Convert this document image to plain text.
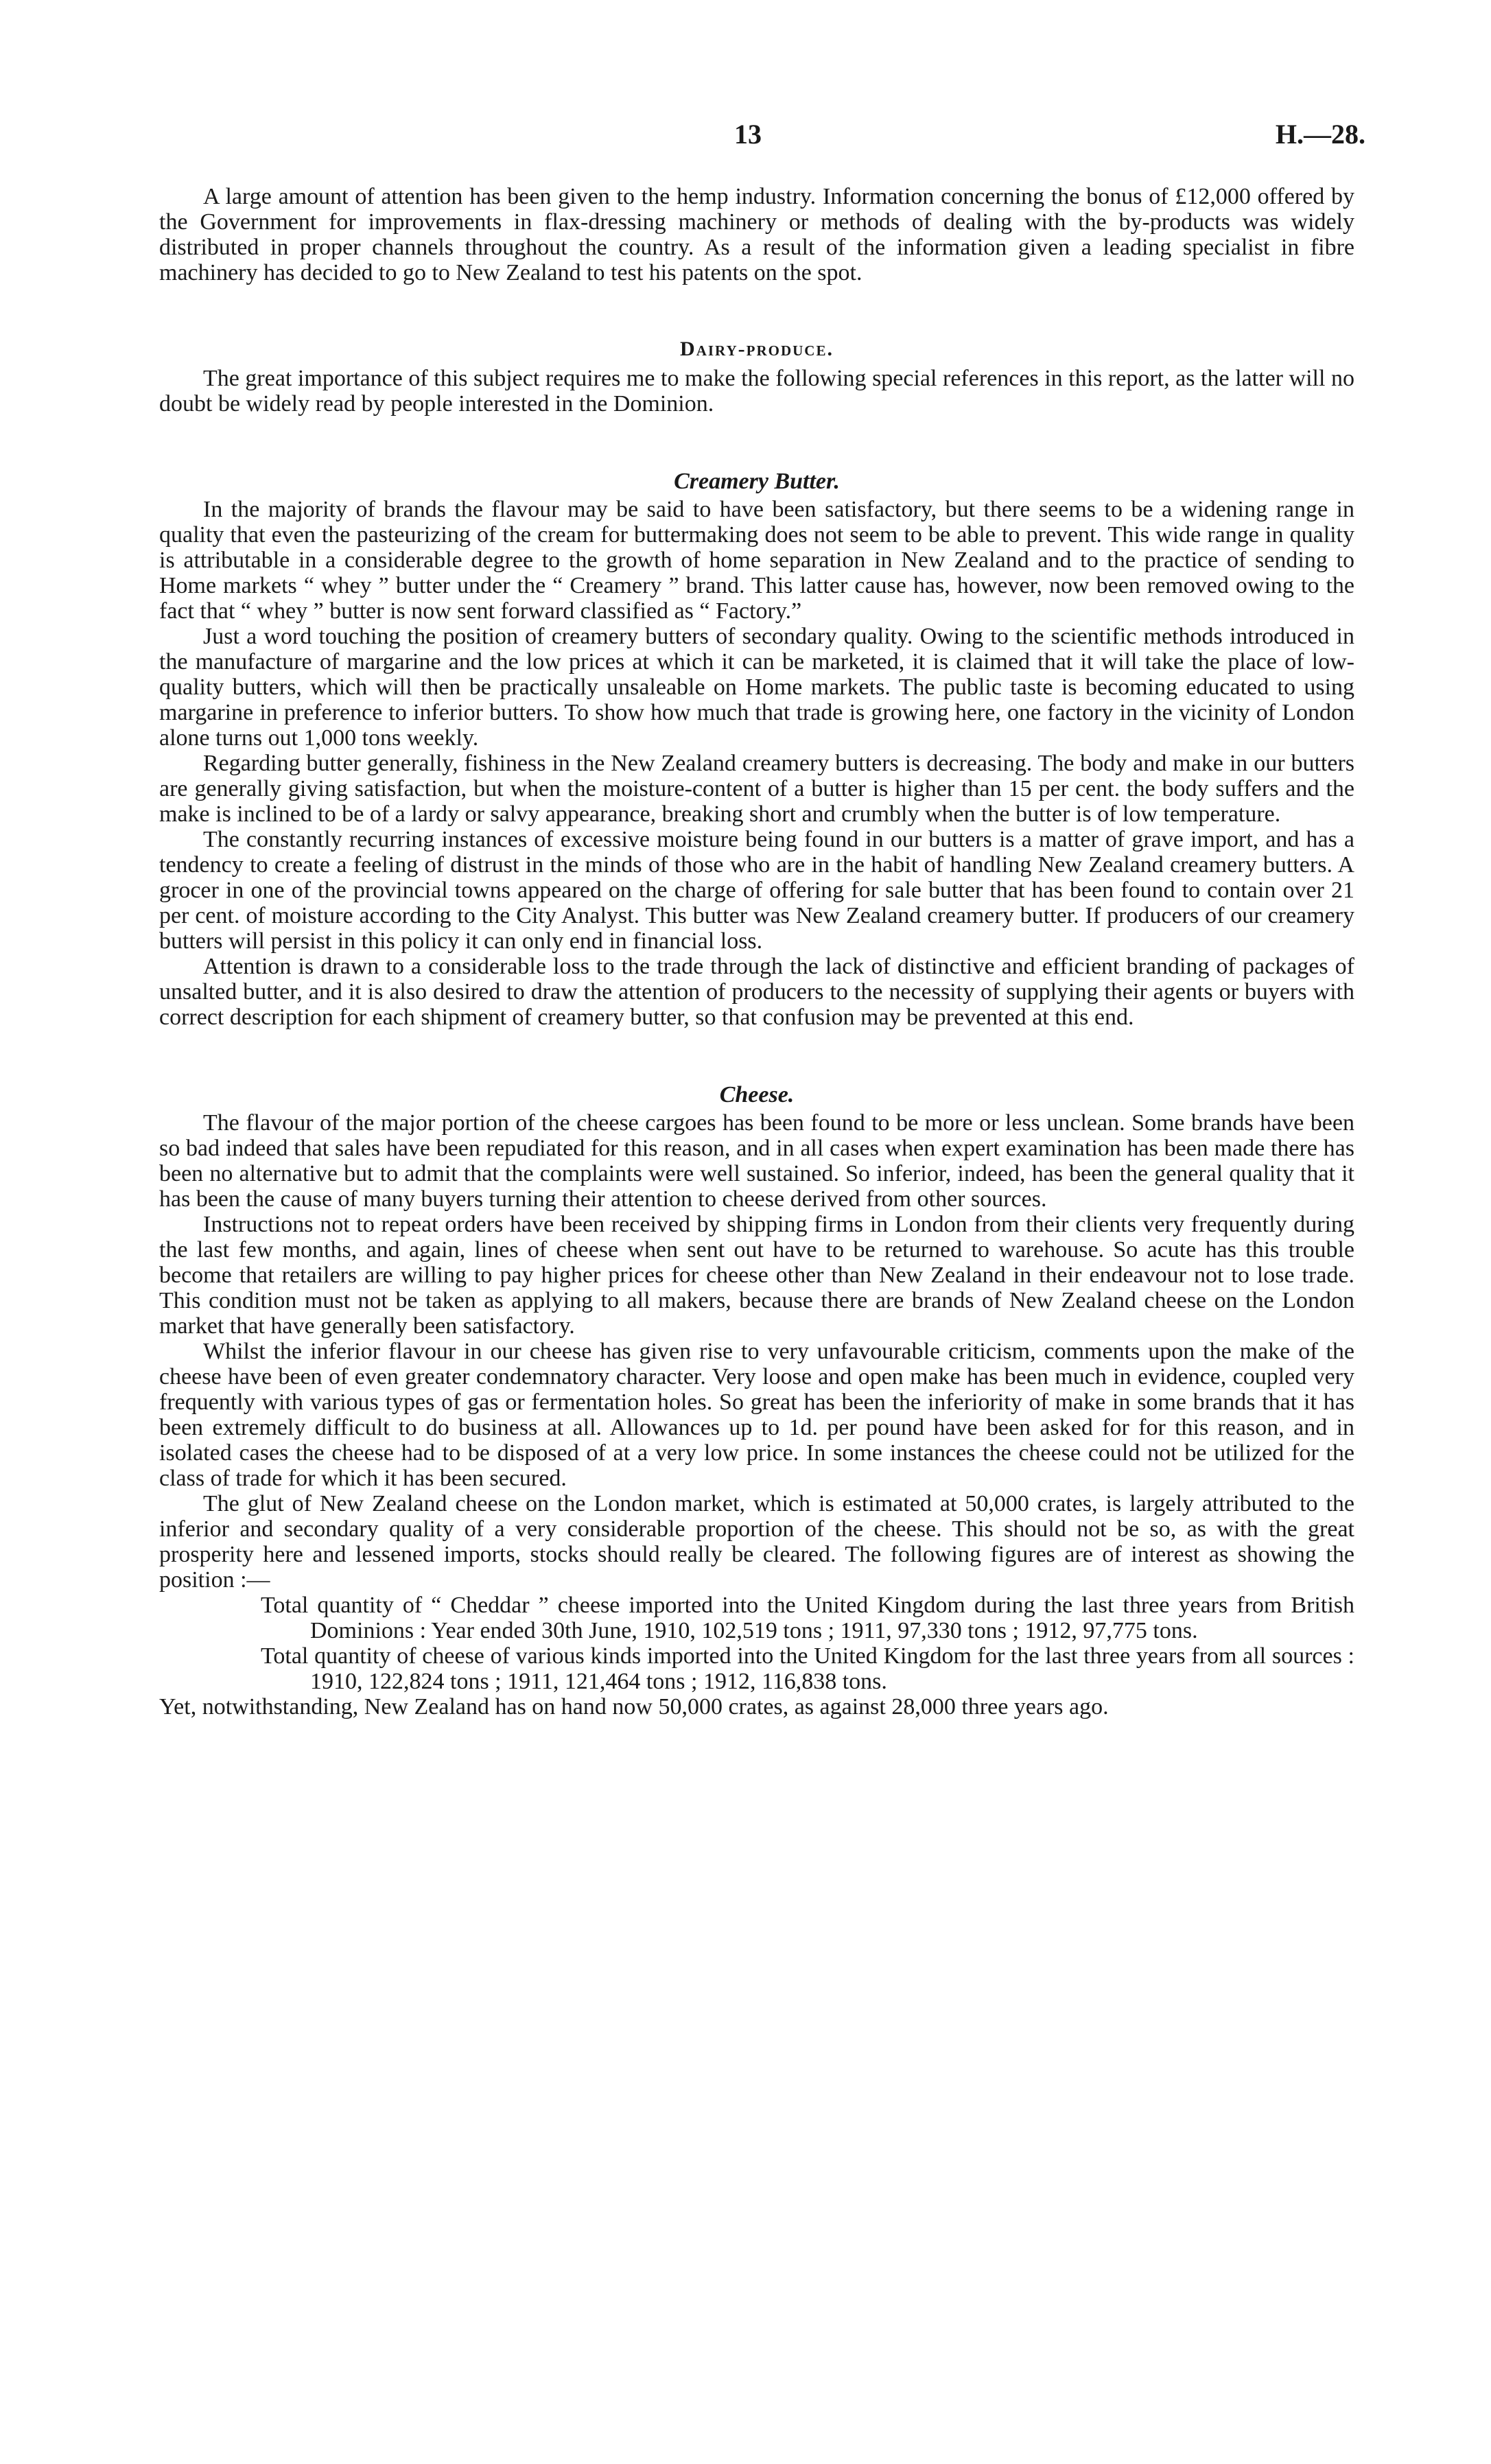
13	H.—28.

A large amount of attention has been given to the hemp industry. Information concerning the bonus of £12,000 offered by the Government for improvements in flax-dressing machinery or methods of dealing with the by-products was widely distributed in proper channels throughout the country. As a result of the information given a leading specialist in fibre machinery has decided to go to New Zealand to test his patents on the spot.

Dairy-produce.

The great importance of this subject requires me to make the following special references in this report, as the latter will no doubt be widely read by people interested in the Dominion.

Creamery Butter.

In the majority of brands the flavour may be said to have been satisfactory, but there seems to be a widening range in quality that even the pasteurizing of the cream for buttermaking does not seem to be able to prevent. This wide range in quality is attributable in a considerable degree to the growth of home separation in New Zealand and to the practice of sending to Home markets “ whey ” butter under the “ Creamery ” brand. This latter cause has, however, now been removed owing to the fact that “ whey ” butter is now sent forward classified as “ Factory.”

Just a word touching the position of creamery butters of secondary quality. Owing to the scientific methods introduced in the manufacture of margarine and the low prices at which it can be marketed, it is claimed that it will take the place of low-quality butters, which will then be practically unsaleable on Home markets. The public taste is becoming educated to using margarine in preference to inferior butters. To show how much that trade is growing here, one factory in the vicinity of London alone turns out 1,000 tons weekly.

Regarding butter generally, fishiness in the New Zealand creamery butters is decreasing. The body and make in our butters are generally giving satisfaction, but when the moisture-content of a butter is higher than 15 per cent. the body suffers and the make is inclined to be of a lardy or salvy appearance, breaking short and crumbly when the butter is of low temperature.

The constantly recurring instances of excessive moisture being found in our butters is a matter of grave import, and has a tendency to create a feeling of distrust in the minds of those who are in the habit of handling New Zealand creamery butters. A grocer in one of the provincial towns appeared on the charge of offering for sale butter that has been found to contain over 21 per cent. of moisture according to the City Analyst. This butter was New Zealand creamery butter. If producers of our creamery butters will persist in this policy it can only end in financial loss.

Attention is drawn to a considerable loss to the trade through the lack of distinctive and efficient branding of packages of unsalted butter, and it is also desired to draw the attention of producers to the necessity of supplying their agents or buyers with correct description for each shipment of creamery butter, so that confusion may be prevented at this end.

Cheese.

The flavour of the major portion of the cheese cargoes has been found to be more or less unclean. Some brands have been so bad indeed that sales have been repudiated for this reason, and in all cases when expert examination has been made there has been no alternative but to admit that the complaints were well sustained. So inferior, indeed, has been the general quality that it has been the cause of many buyers turning their attention to cheese derived from other sources.

Instructions not to repeat orders have been received by shipping firms in London from their clients very frequently during the last few months, and again, lines of cheese when sent out have to be returned to warehouse. So acute has this trouble become that retailers are willing to pay higher prices for cheese other than New Zealand in their endeavour not to lose trade. This condition must not be taken as applying to all makers, because there are brands of New Zealand cheese on the London market that have generally been satisfactory.

Whilst the inferior flavour in our cheese has given rise to very unfavourable criticism, comments upon the make of the cheese have been of even greater condemnatory character. Very loose and open make has been much in evidence, coupled very frequently with various types of gas or fermentation holes. So great has been the inferiority of make in some brands that it has been extremely difficult to do business at all. Allowances up to 1d. per pound have been asked for for this reason, and in isolated cases the cheese had to be disposed of at a very low price. In some instances the cheese could not be utilized for the class of trade for which it has been secured.

The glut of New Zealand cheese on the London market, which is estimated at 50,000 crates, is largely attributed to the inferior and secondary quality of a very considerable proportion of the cheese. This should not be so, as with the great prosperity here and lessened imports, stocks should really be cleared. The following figures are of interest as showing the position :—

Total quantity of “ Cheddar ” cheese imported into the United Kingdom during the last three years from British Dominions : Year ended 30th June, 1910, 102,519 tons ; 1911, 97,330 tons ; 1912, 97,775 tons.

Total quantity of cheese of various kinds imported into the United Kingdom for the last three years from all sources : 1910, 122,824 tons ; 1911, 121,464 tons ; 1912, 116,838 tons.

Yet, notwithstanding, New Zealand has on hand now 50,000 crates, as against 28,000 three years ago.
